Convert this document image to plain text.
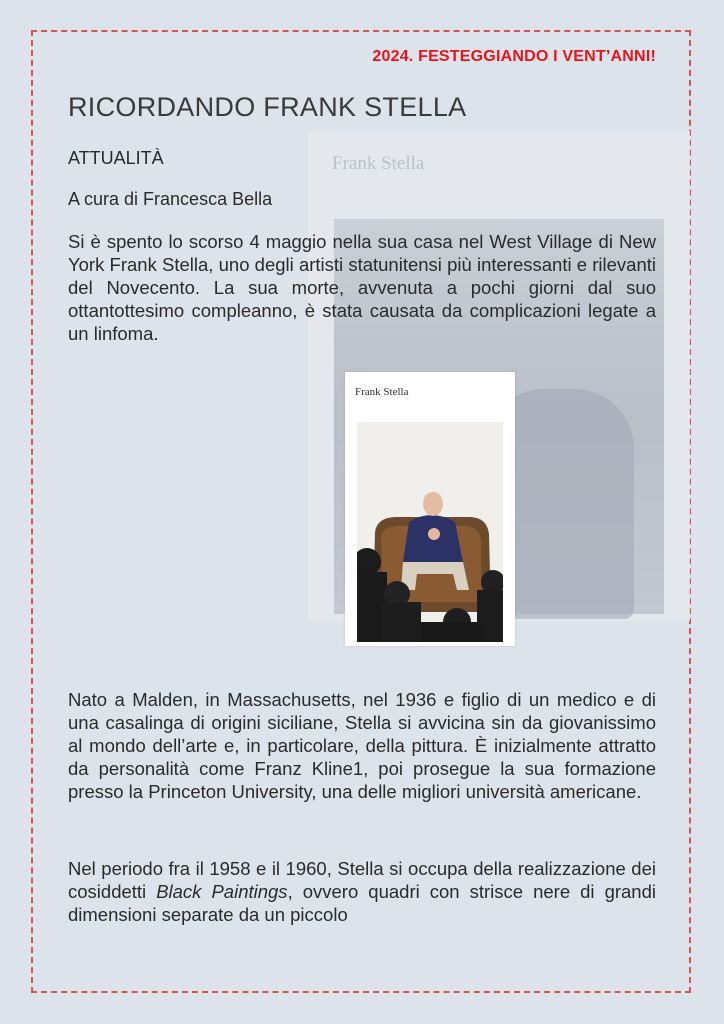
2024. FESTEGGIANDO I VENT’ANNI!
Frank Stella
RICORDANDO FRANK STELLA
ATTUALITÀ
A cura di Francesca Bella

Si è spento lo scorso 4 maggio nella sua casa nel West Village di New York Frank Stella, uno degli artisti statunitensi più interessanti e rilevanti del Novecento. La sua morte, avvenuta a pochi giorni dal suo ottantottesimo compleanno, è stata causata da complicazioni legate a un linfoma.

Frank Stella

Nato a Malden, in Massachusetts, nel 1936 e figlio di un medico e di una casalinga di origini siciliane, Stella si avvicina sin da giovanissimo al mondo dell’arte e, in particolare, della pittura. È inizialmente attratto da personalità come Franz Kline1, poi prosegue la sua formazione presso la Princeton University, una delle migliori università americane.

Nel periodo fra il 1958 e il 1960, Stella si occupa della realizzazione dei cosiddetti Black Paintings, ovvero quadri con strisce nere di grandi dimensioni separate da un piccolo
